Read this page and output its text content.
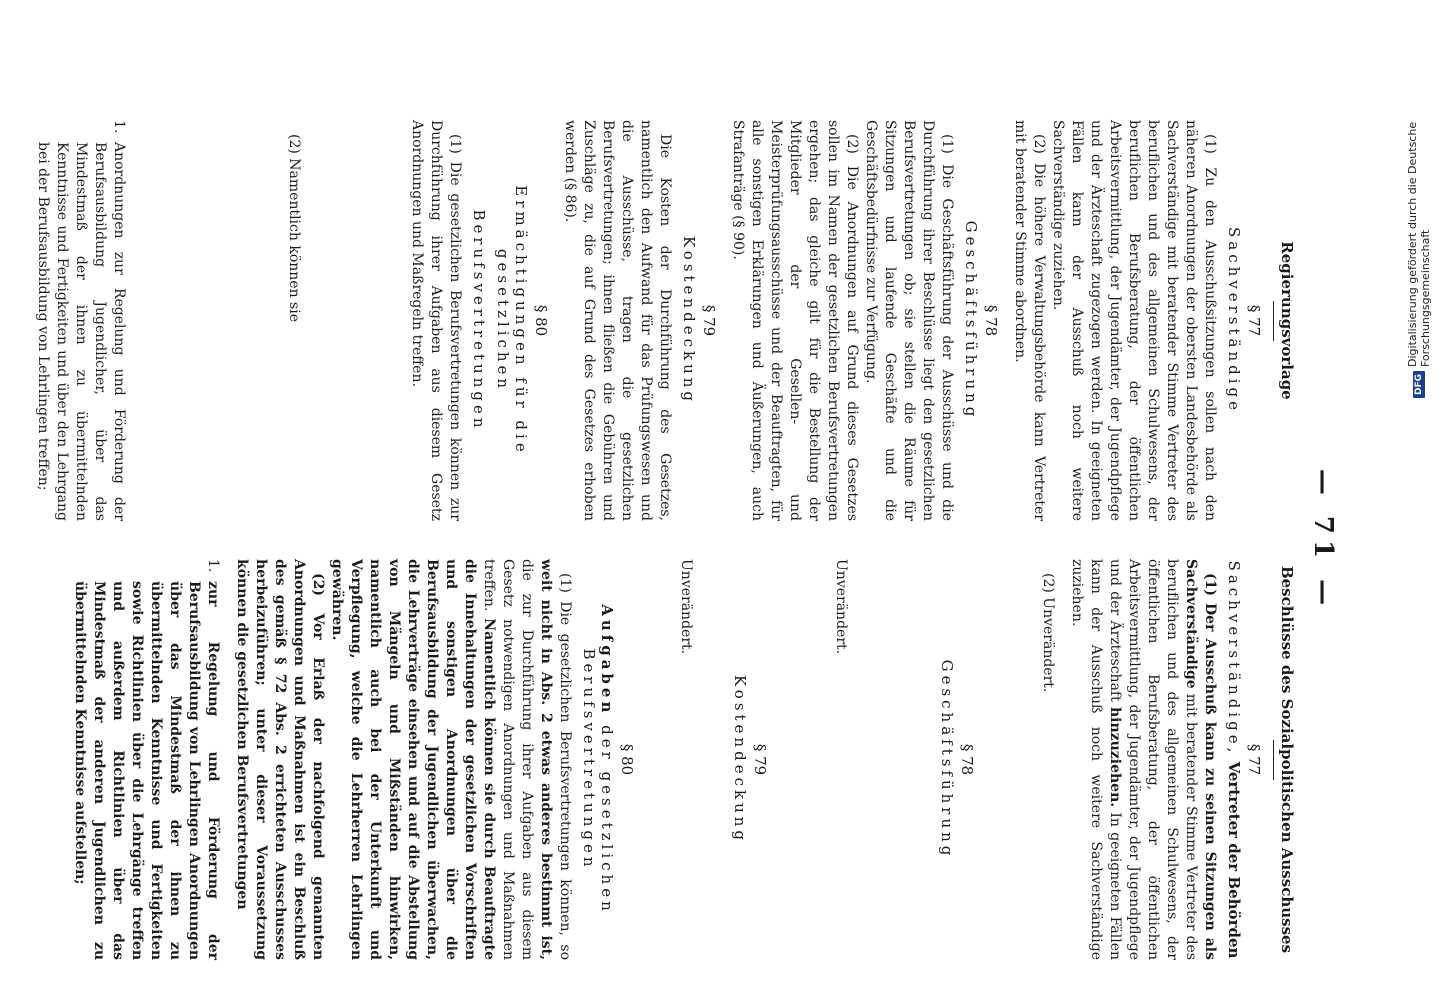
— 71 —
Regierungsvorlage
§ 77
Sachverständige

(1) Zu den Ausschußsitzungen sollen nach den näheren Anordnungen der obersten Landesbehörde als Sachverständige mit beratender Stimme Vertreter des beruflichen und des allgemeinen Schulwesens, der beruflichen Berufsberatung, der öffentlichen Arbeitsvermittlung, der Jugendämter, der Jugendpflege und der Ärzteschaft zugezogen werden. In geeigneten Fällen kann der Ausschuß noch weitere Sachverständige zuziehen.

(2) Die höhere Verwaltungsbehörde kann Vertreter mit beratender Stimme abordnen.

§ 78
Geschäftsführung

(1) Die Geschäftsführung der Ausschüsse und die Durchführung ihrer Beschlüsse liegt den gesetzlichen Berufsvertretungen ob; sie stellen die Räume für Sitzungen und laufende Geschäfte und die Geschäftsbedürfnisse zur Verfügung.

(2) Die Anordnungen auf Grund dieses Gesetzes sollen im Namen der gesetzlichen Berufsvertretungen ergehen; das gleiche gilt für die Bestellung der Mitglieder der Gesellen- und Meisterprüfungsausschüsse und der Beauftragten, für alle sonstigen Erklärungen und Äußerungen, auch Strafanträge (§ 90).

§ 79
Kostendeckung

Die Kosten der Durchführung des Gesetzes, namentlich den Aufwand für das Prüfungswesen und die Ausschüsse, tragen die gesetzlichen Berufsvertretungen; ihnen fließen die Gebühren und Zuschläge zu, die auf Grund des Gesetzes erhoben werden (§ 86).

§ 80
Ermächtigungen für die gesetzlichen
Berufsvertretungen

(1) Die gesetzlichen Berufsvertretungen können zur Durchführung ihrer Aufgaben aus diesem Gesetz Anordnungen und Maßregeln treffen.

(2) Namentlich können sie

1.
Anordnungen zur Regelung und Förderung der Berufsausbildung Jugendlicher, über das Mindestmaß der ihnen zu übermittelnden Kenntnisse und Fertigkeiten und über den Lehrgang bei der Berufsausbildung von Lehrlingen treffen;
Beschlüsse des Sozialpolitischen Ausschusses
§ 77
Sachverständige, Vertreter der Behörden

(1) Der Ausschuß kann zu seinen Sitzungen als Sachverständige mit beratender Stimme Vertreter des beruflichen und des allgemeinen Schulwesens, der öffentlichen Berufsberatung, der öffentlichen Arbeitsvermittlung, der Jugendämter, der Jugendpflege und der Ärzteschaft hinzuziehen. In geeigneten Fällen kann der Ausschuß noch weitere Sachverständige zuziehen.

(2) Unverändert.

§ 78
Geschäftsführung

Unverändert.

§ 79
Kostendeckung

Unverändert.

§ 80
Aufgaben der gesetzlichen Berufsvertretungen

(1) Die gesetzlichen Berufsvertretungen können, so weit nicht in Abs. 2 etwas anderes bestimmt ist, die zur Durchführung ihrer Aufgaben aus diesem Gesetz notwendigen Anordnungen und Maßnahmen treffen. Namentlich können sie durch Beauftragte die Innehaltungen der gesetzlichen Vorschriften und sonstigen Anordnungen über die Berufsausbildung der Jugendlichen überwachen, die Lehrverträge einsehen und auf die Abstellung von Mängeln und Mißständen hinwirken, namentlich auch bei der Unterkunft und Verpflegung, welche die Lehrherren Lehrlingen gewähren.

(2) Vor Erlaß der nachfolgend genannten Anordnungen und Maßnahmen ist ein Beschluß des gemäß § 72 Abs. 2 errichteten Ausschusses herbeizuführen; unter dieser Voraussetzung können die gesetzlichen Berufsvertretungen

1.
zur Regelung und Förderung der Berufsausbildung von Lehrlingen Anordnungen über das Mindestmaß der ihnen zu übermittelnden Kenntnisse und Fertigkeiten sowie Richtlinien über die Lehrgänge treffen und außerdem Richtlinien über das Mindestmaß der anderen Jugendlichen zu übermittelnden Kenntnisse aufstellen;
DFG
Digitalisierung gefördert durch die Deutsche Forschungsgemeinschaft
